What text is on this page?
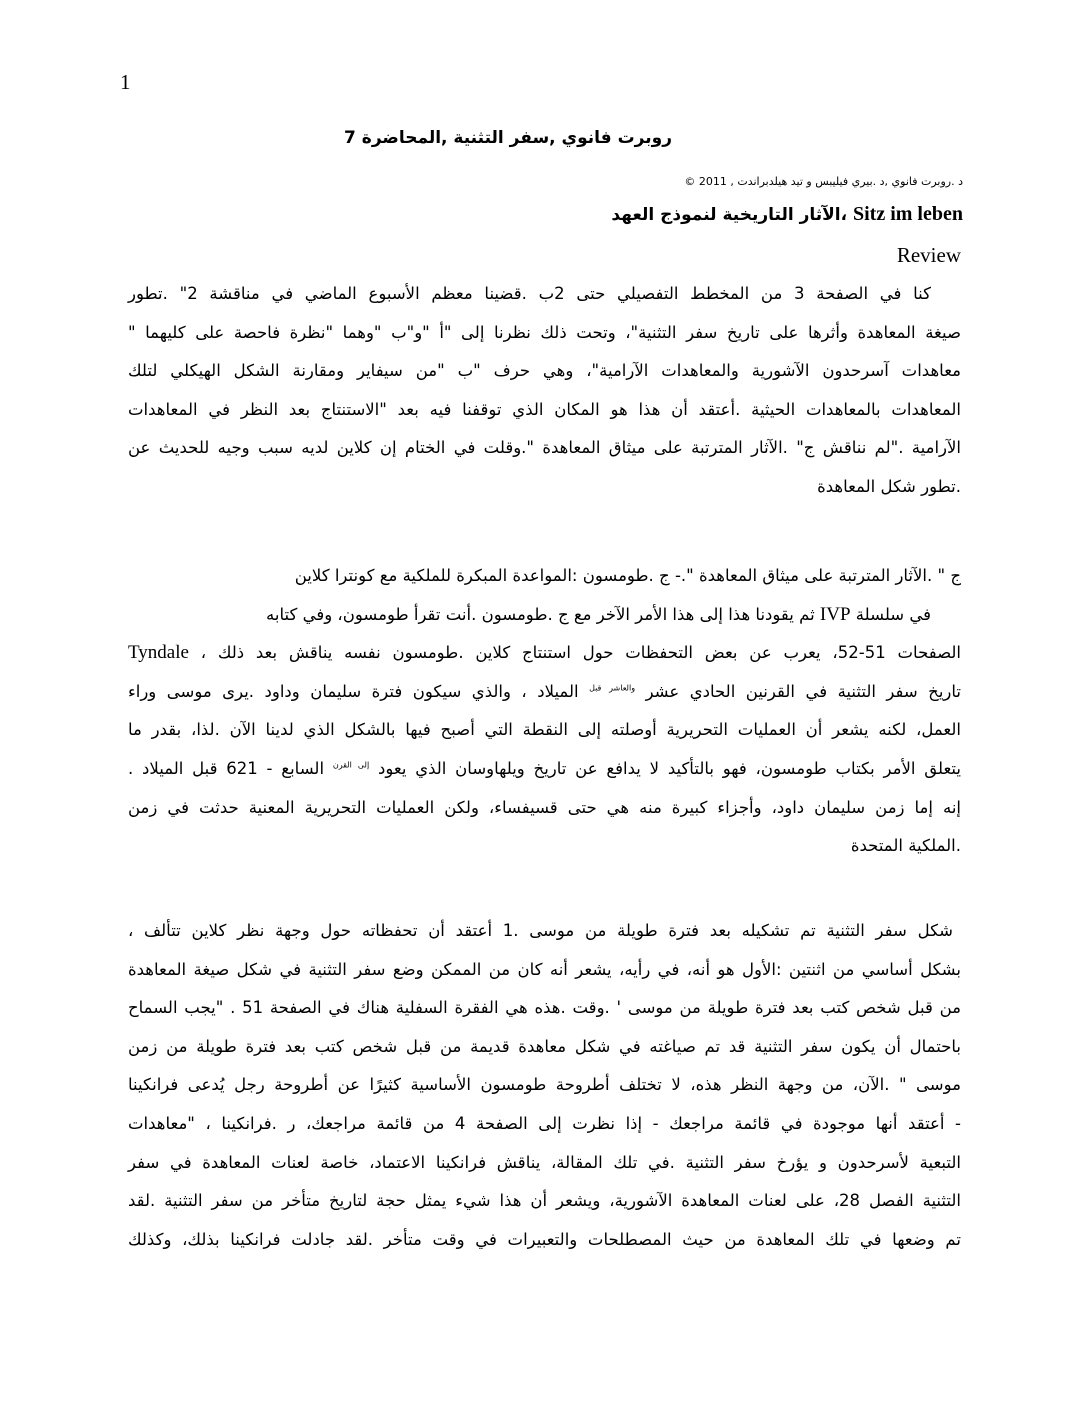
1
روبرت فانوي ,سفر التثنية ,المحاضرة 7
د .روبرت فانوي ,د .بيري فيليبس و تيد هيلدبراندت , 2011 ©
Sitz im leben ،الآثار التاريخية لنموذج العهد
Review
كنا في الصفحة 3 من المخطط التفصيلي حتى 2ب .قضينا معظم الأسبوع الماضي في مناقشة 2" .تطور
صيغة المعاهدة وأثرها على تاريخ سفر التثنية"، وتحت ذلك نظرنا إلى "أ "و"ب "وهما "نظرة فاحصة على كليهما "
معاهدات آسرحدون الآشورية والمعاهدات الآرامية"، وهي حرف "ب "من سيفاير ومقارنة الشكل الهيكلي لتلك
المعاهدات بالمعاهدات الحيثية .أعتقد أن هذا هو المكان الذي توقفنا فيه بعد "الاستنتاج بعد النظر في المعاهدات
الآرامية ."لم نناقش ج" .الآثار المترتبة على ميثاق المعاهدة ".وقلت في الختام إن كلاين لديه سبب وجيه للحديث عن
.تطور شكل المعاهدة
ج " .الآثار المترتبة على ميثاق المعاهدة ".- ج .طومسون :المواعدة المبكرة للملكية مع كونترا كلاين
في سلسلة IVP ثم يقودنا هذا إلى هذا الأمر الآخر مع ج .طومسون .أنت تقرأ طومسون، وفي كتابه
الصفحات 51-52، يعرب عن بعض التحفظات حول استنتاج كلاين .طومسون نفسه يناقش بعد ذلك ، Tyndale
تاريخ سفر التثنية في القرنين الحادي عشر $^{والعاشر قبل}$ الميلاد ، والذي سيكون فترة سليمان وداود .يرى موسى وراء
العمل، لكنه يشعر أن العمليات التحريرية أوصلته إلى النقطة التي أصبح فيها بالشكل الذي لدينا الآن .لذا، بقدر ما
يتعلق الأمر بكتاب طومسون، فهو بالتأكيد لا يدافع عن تاريخ ويلهاوسان الذي يعود $^{إلى القرن}$ السابع - 621 قبل الميلاد .
إنه إما زمن سليمان داود، وأجزاء كبيرة منه هي حتى قسيفساء، ولكن العمليات التحريرية المعنية حدثت في زمن
.الملكية المتحدة
شكل سفر التثنية تم تشكيله بعد فترة طويلة من موسى .1 أعتقد أن تحفظاته حول وجهة نظر كلاين تتألف ،
بشكل أساسي من اثنتين :الأول هو أنه، في رأيه، يشعر أنه كان من الممكن وضع سفر التثنية في شكل صيغة المعاهدة
من قبل شخص كتب بعد فترة طويلة من موسى ' .وقت .هذه هي الفقرة السفلية هناك في الصفحة 51 . "يجب السماح
باحتمال أن يكون سفر التثنية قد تم صياغته في شكل معاهدة قديمة من قبل شخص كتب بعد فترة طويلة من زمن
موسى " .الآن، من وجهة النظر هذه، لا تختلف أطروحة طومسون الأساسية كثيرًا عن أطروحة رجل يُدعى فرانكينا
- أعتقد أنها موجودة في قائمة مراجعك - إذا نظرت إلى الصفحة 4 من قائمة مراجعك، ر .فرانكينا ، "معاهدات
التبعية لأسرحدون و يؤرخ سفر التثنية .في تلك المقالة، يناقش فرانكينا الاعتماد، خاصة لعنات المعاهدة في سفر
التثنية الفصل 28، على لعنات المعاهدة الآشورية، ويشعر أن هذا شيء يمثل حجة لتاريخ متأخر من سفر التثنية .لقد
تم وضعها في تلك المعاهدة من حيث المصطلحات والتعبيرات في وقت متأخر .لقد جادلت فرانكينا بذلك، وكذلك
